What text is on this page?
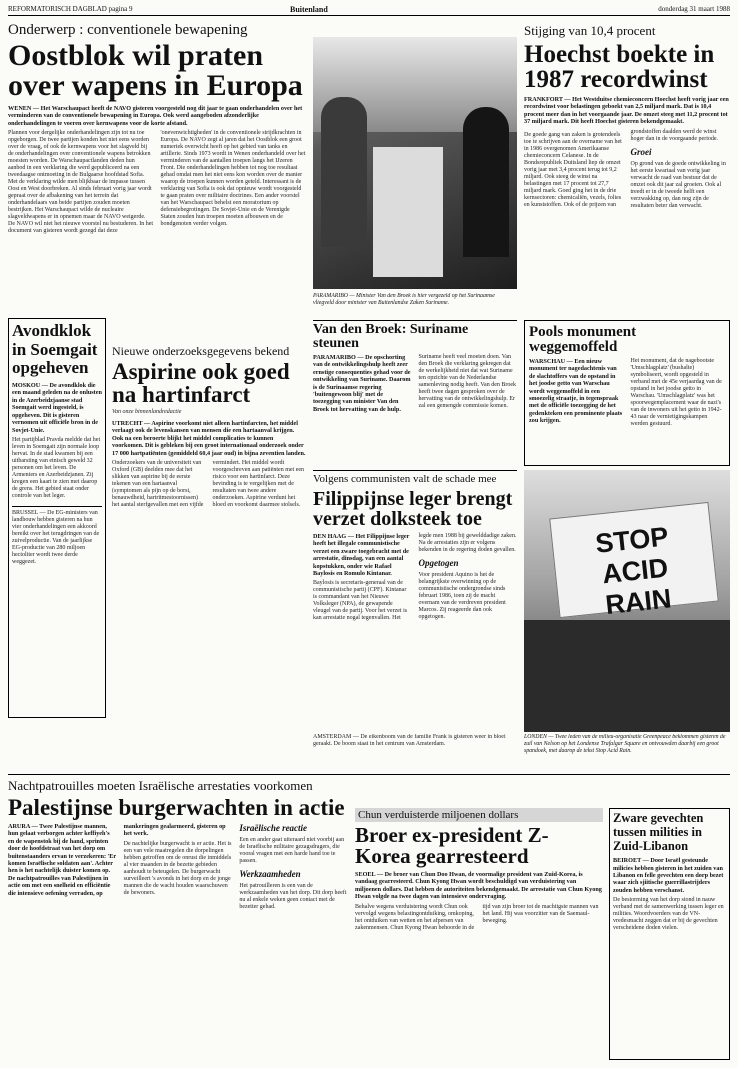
REFORMATORISCH DAGBLAD pagina 9	Buitenland	donderdag 31 maart 1988
Onderwerp : conventionele bewapening
Oostblok wil praten over wapens in Europa
WENEN — Het Warschaupact heeft de NAVO gisteren voorgesteld nog dit jaar te gaan onderhandelen over het verminderen van de conventionele bewapening in Europa. Ook werd aangeboden afzonderlijke onderhandelingen te voeren over kernwapens voor de korte afstand.
Plannen voor dergelijke onderhandelingen zijn tot nu toe opgeborgen. De twee partijen konden het niet eens worden over de vraag, of ook de kernwapens voor het slagveld bij de onderhandelingen over conventionele wapens betrokken moesten worden. De Warschaupactlanden deden hun aanbod in een verklaring die werd gepubliceerd na een tweedaagse ontmoeting in de Bulgaarse hoofdstad Sofia. Met de verklaring wilde men blijkbaar de impasse tussen Oost en West doorbreken. Al sinds februari vorig jaar wordt gepraat over de afbakening van het terrein dat onderhandelaars van beide partijen zouden moeten bestrijken. Het Warschaupact wilde de nucleaire slagveldwapens er in opnemen maar de NAVO weigerde. De NAVO wil niet het nieuwe voorstel nu bestuderen. In het document van gisteren wordt gezegd dat deze 'onevenwichtigheden' in de conventionele strijdkrachten in Europa. De NAVO zegt al jaren dat het Oostblok een groot numeriek overwicht heeft op het gebied van tanks en artillerie. Sinds 1973 wordt in Wenen onderhandeld over het verminderen van de aantallen troepen langs het IJzeren Front. Die onderhandelingen hebben tot nog toe resultaat gehad omdat men het niet eens kon worden over de manier waarop de troepen kunnen worden geteld. Interessant is de verklaring van Sofia is ook dat opnieuw wordt voorgesteld te gaan praten over militaire doctrines. Een ander voorstel van het Warschaupact behelst een moratorium op defensiebegrotingen. De Sovjet-Unie en de Verenigde Staten zouden hun troepen moeten afbouwen en de bondgenoten verder volgen.
PARAMARIBO — Minister Van den Broek is hier vergezeld op het Surinaamse vliegveld door minister van Buitenlandse Zaken Suriname.
Stijging van 10,4 procent
Hoechst boekte in 1987 recordwinst
FRANKFORT — Het Westduitse chemieconcern Hoechst heeft vorig jaar een recordwinst voor belastingen geboekt van 2,5 miljard mark. Dat is 10,4 procent meer dan in het voorgaande jaar. De omzet steeg met 11,2 procent tot 37 miljard mark. Dit heeft Hoechst gisteren bekendgemaakt.
De goede gang van zaken is grotendeels toe te schrijven aan de overname van het in 1986 overgenomen Amerikaanse chemieconcern Celanese. In de Bondsrepubliek Duitsland liep de omzet vorig jaar met 3,4 procent terug tot 9,2 miljard. Ook steeg de winst na belastingen met 17 procent tot 27,7 miljard mark. Goed ging het in de drie kernsectoren: chemicaliën, vezels, folies en kunststoffen. Ook of de prijzen van grondstoffen daalden werd de winst hoger dan in de voorgaande periode.
Groei
Op grond van de goede ontwikkeling in het eerste kwartaal van vorig jaar verwacht de raad van bestuur dat de omzet ook dit jaar zal groeien. Ook al treedt er in de tweede helft een verzwakking op, dan nog zijn de resultaten beter dan verwacht.
Van den Broek: Suriname steunen
PARAMARIBO — De opschorting van de ontwikkelingshulp heeft zeer ernstige consequenties gehad voor de ontwikkeling van Suriname. Daarom is de Surinaamse regering 'buitengewoon blij' met de toezegging van minister Van den Broek tot hervatting van de hulp.
Suriname heeft veel moeten doen. Van den Broek die verklaring gekregen dat de werkelijkheid niet dat wat Suriname ten opzichte van de Nederlandse samenleving nodig heeft. Van den Broek heeft twee dagen gesproken over de hervatting van de ontwikkelingshulp. Er zal een gemengde commissie komen.
Pools monument weggemoffeld
WARSCHAU — Een nieuw monument ter nagedachtenis van de slachtoffers van de opstand in het joodse getto van Warschau wordt weggemoffeld in een smoezelig straatje, in tegenspraak met de officiële toezegging de het gedenkteken een prominente plaats zou krijgen.
Het monument, dat de nagebootste 'Umschlagplatz' (bushalte) symboliseert, wordt opgesteld in verband met de 45e verjaardag van de opstand in het joodse getto in Warschau. 'Umschlagplatz' was het spoorwegemplacement waar de nazi's van de inwoners uit het getto in 1942-43 naar de vernietigingskampen werden gestuurd.
Avondklok in Soemgait opgeheven
MOSKOU — De avondklok die een maand geleden na de onlusten in de Azerbeidzjaanse stad Soemgait werd ingesteld, is opgeheven. Dit is gisteren vernomen uit officiële bron in de Sovjet-Unie.
Het partijblad Pravda meldde dat het leven in Soemgait zijn normale loop hervat. In de stad kwamen bij een uitbarsting van etnisch geweld 32 personen om het leven. De Armeniers en Azerbeidzjanen. Zij kregen een kaart te zien met daarop de grens. Het gebied staat onder controle van het leger.
BRUSSEL — De EG-ministers van landbouw hebben gisteren na hun vier onderhandelingen een akkoord bereikt over het terugdringen van de zuivelproductie. Van de jaarlijkse EG-productie van 280 miljoen hectoliter wordt twee derde weggezet.
Nieuwe onderzoeksgegevens bekend
Aspirine ook goed na hartinfarct
Van onze binnenlandredactie
UTRECHT — Aspirine voorkomt niet alleen hartinfarcten, het middel verlaagt ook de levenskansen van mensen die een hartaanval krijgen. Ook na een beroerte blijkt het middel complicaties te kunnen voorkomen. Dit is gebleken bij een groot internationaal onderzoek onder 17 000 hartpatiënten (gemiddeld 60,4 jaar oud) in bijna zeventien landen.
Onderzoekers van de universiteit van Oxford (GB) deelden mee dat het slikken van aspirine bij de eerste tekenen van een hartaanval (symptomen als pijn op de borst, benauwdheid, hartritmestoornissen) het aantal sterfgevallen met een vijfde vermindert. Het middel wordt voorgeschreven aan patiënten met een risico voor een hartinfarct. Deze bevinding is te vergelijken met de resultaten van twee andere onderzoeken. Aspirine verdunt het bloed en voorkomt daarmee stolsels.
Volgens communisten valt de schade mee
Filippijnse leger brengt verzet dolksteek toe
DEN HAAG — Het Filippijnse leger heeft het illegale communistische verzet een zware toegebracht met de arrestatie, dinsdag, van een aantal kopstukken, onder wie Rafael Baylosis en Romulo Kintanar.
Baylosis is secretaris-generaal van de communistische partij (CPF). Kintanar is commandant van het Nieuwe Volksleger (NPA), de gewapende vleugel van de partij. Voor het verzet is kan arrestatie nogal tegenvallen. Het legde men 1988 bij gewelddadige zaken. Na de arrestaties zijn er volgens bekenden in de regering doden gevallen.
Opgetogen
Voor president Aquino is het de belangrijkste overwinning op de communistische ondergrondse sinds februari 1986, toen zij de macht overnam van de verdreven president Marcos. Zij reageerde dan ook opgetogen.
STOP ACID RAIN
LONDEN — Twee leden van de milieu-organisatie Greenpeace beklommen gisteren de zuil van Nelson op het Londense Trafalgar Square en ontvouwden daarbij een groot spandoek, met daarop de tekst Stop Acid Rain.
AMSTERDAM — De eikenboom van de familie Frank is gisteren weer in bloei geraakt. De boom staat in het centrum van Amsterdam.
Nachtpatrouilles moeten Israëlische arrestaties voorkomen
Palestijnse burgerwachten in actie
ARURA — Twee Palestijnse mannen, hun gelaat verborgen achter keffiyeh's en de wapenstok bij de hand, sprinten door de hoofdstraat van het dorp om buitenstaanders ervan te verzekeren: 'Er komen Israëlische soldaten aan'. Achter hen is het nachtelijk duister komen op. De nachtpatrouilles van Palestijnen in actie om met een snelheid en efficiëntie die intensieve oefening verraden, op mankeringen gealarmeerd, gisteren op het werk.
De nachtelijke burgerwacht is er actie. Het is een van vele maatregelen die dorpelingen hebben getroffen om de onrust die inmiddels al vier maanden in de bezette gebieden aanhoudt te beteugelen. De burgerwacht surveilleert 's avonds in het dorp en de jonge mannen die de wacht houden waarschuwen de bewoners.
Israëlische reactie
Een en ander gaat uiteraard niet voorbij aan de Israëlische militaire gezagsdragers, die vooral vragen met een harde hand toe te passen.
Werkzaamheden
Het patrouilleren is een van de werkzaamheden van het dorp. Dit dorp heeft nu al enkele weken geen contact met de bezetter gehad.
Chun verduisterde miljoenen dollars
Broer ex-president Z-Korea gearresteerd
SEOEL — De broer van Chun Doo Hwan, de voormalige president van Zuid-Korea, is vandaag gearresteerd. Chun Kyong Hwan wordt beschuldigd van verduistering van miljoenen dollars. Dat hebben de autoriteiten bekendgemaakt. De arrestatie van Chun Kyong Hwan volgde na twee dagen van intensieve ondervraging.
Behalve wegens verduistering wordt Chun ook vervolgd wegens belastingontduiking, omkoping, het ontduiken van wetten en het afpersen van zakenmensen. Chun Kyong Hwan behoorde in de tijd van zijn broer tot de machtigste mannen van het land. Hij was voorzitter van de Saemaul-beweging.
Zware gevechten tussen milities in Zuid-Libanon
BEIROET — Door Israël gesteunde milicies hebben gisteren in het zuiden van Libanon en felle gevechten een dorp bezet waar zich sjiitische guerrillastrijders zouden hebben verschanst.
De bestorming van het dorp stond in nauw verband met de samenwerking tussen leger en milities. Woordvoerders van de VN-vredesmacht zeggen dat er bij de gevechten verscheidene doden vielen.
